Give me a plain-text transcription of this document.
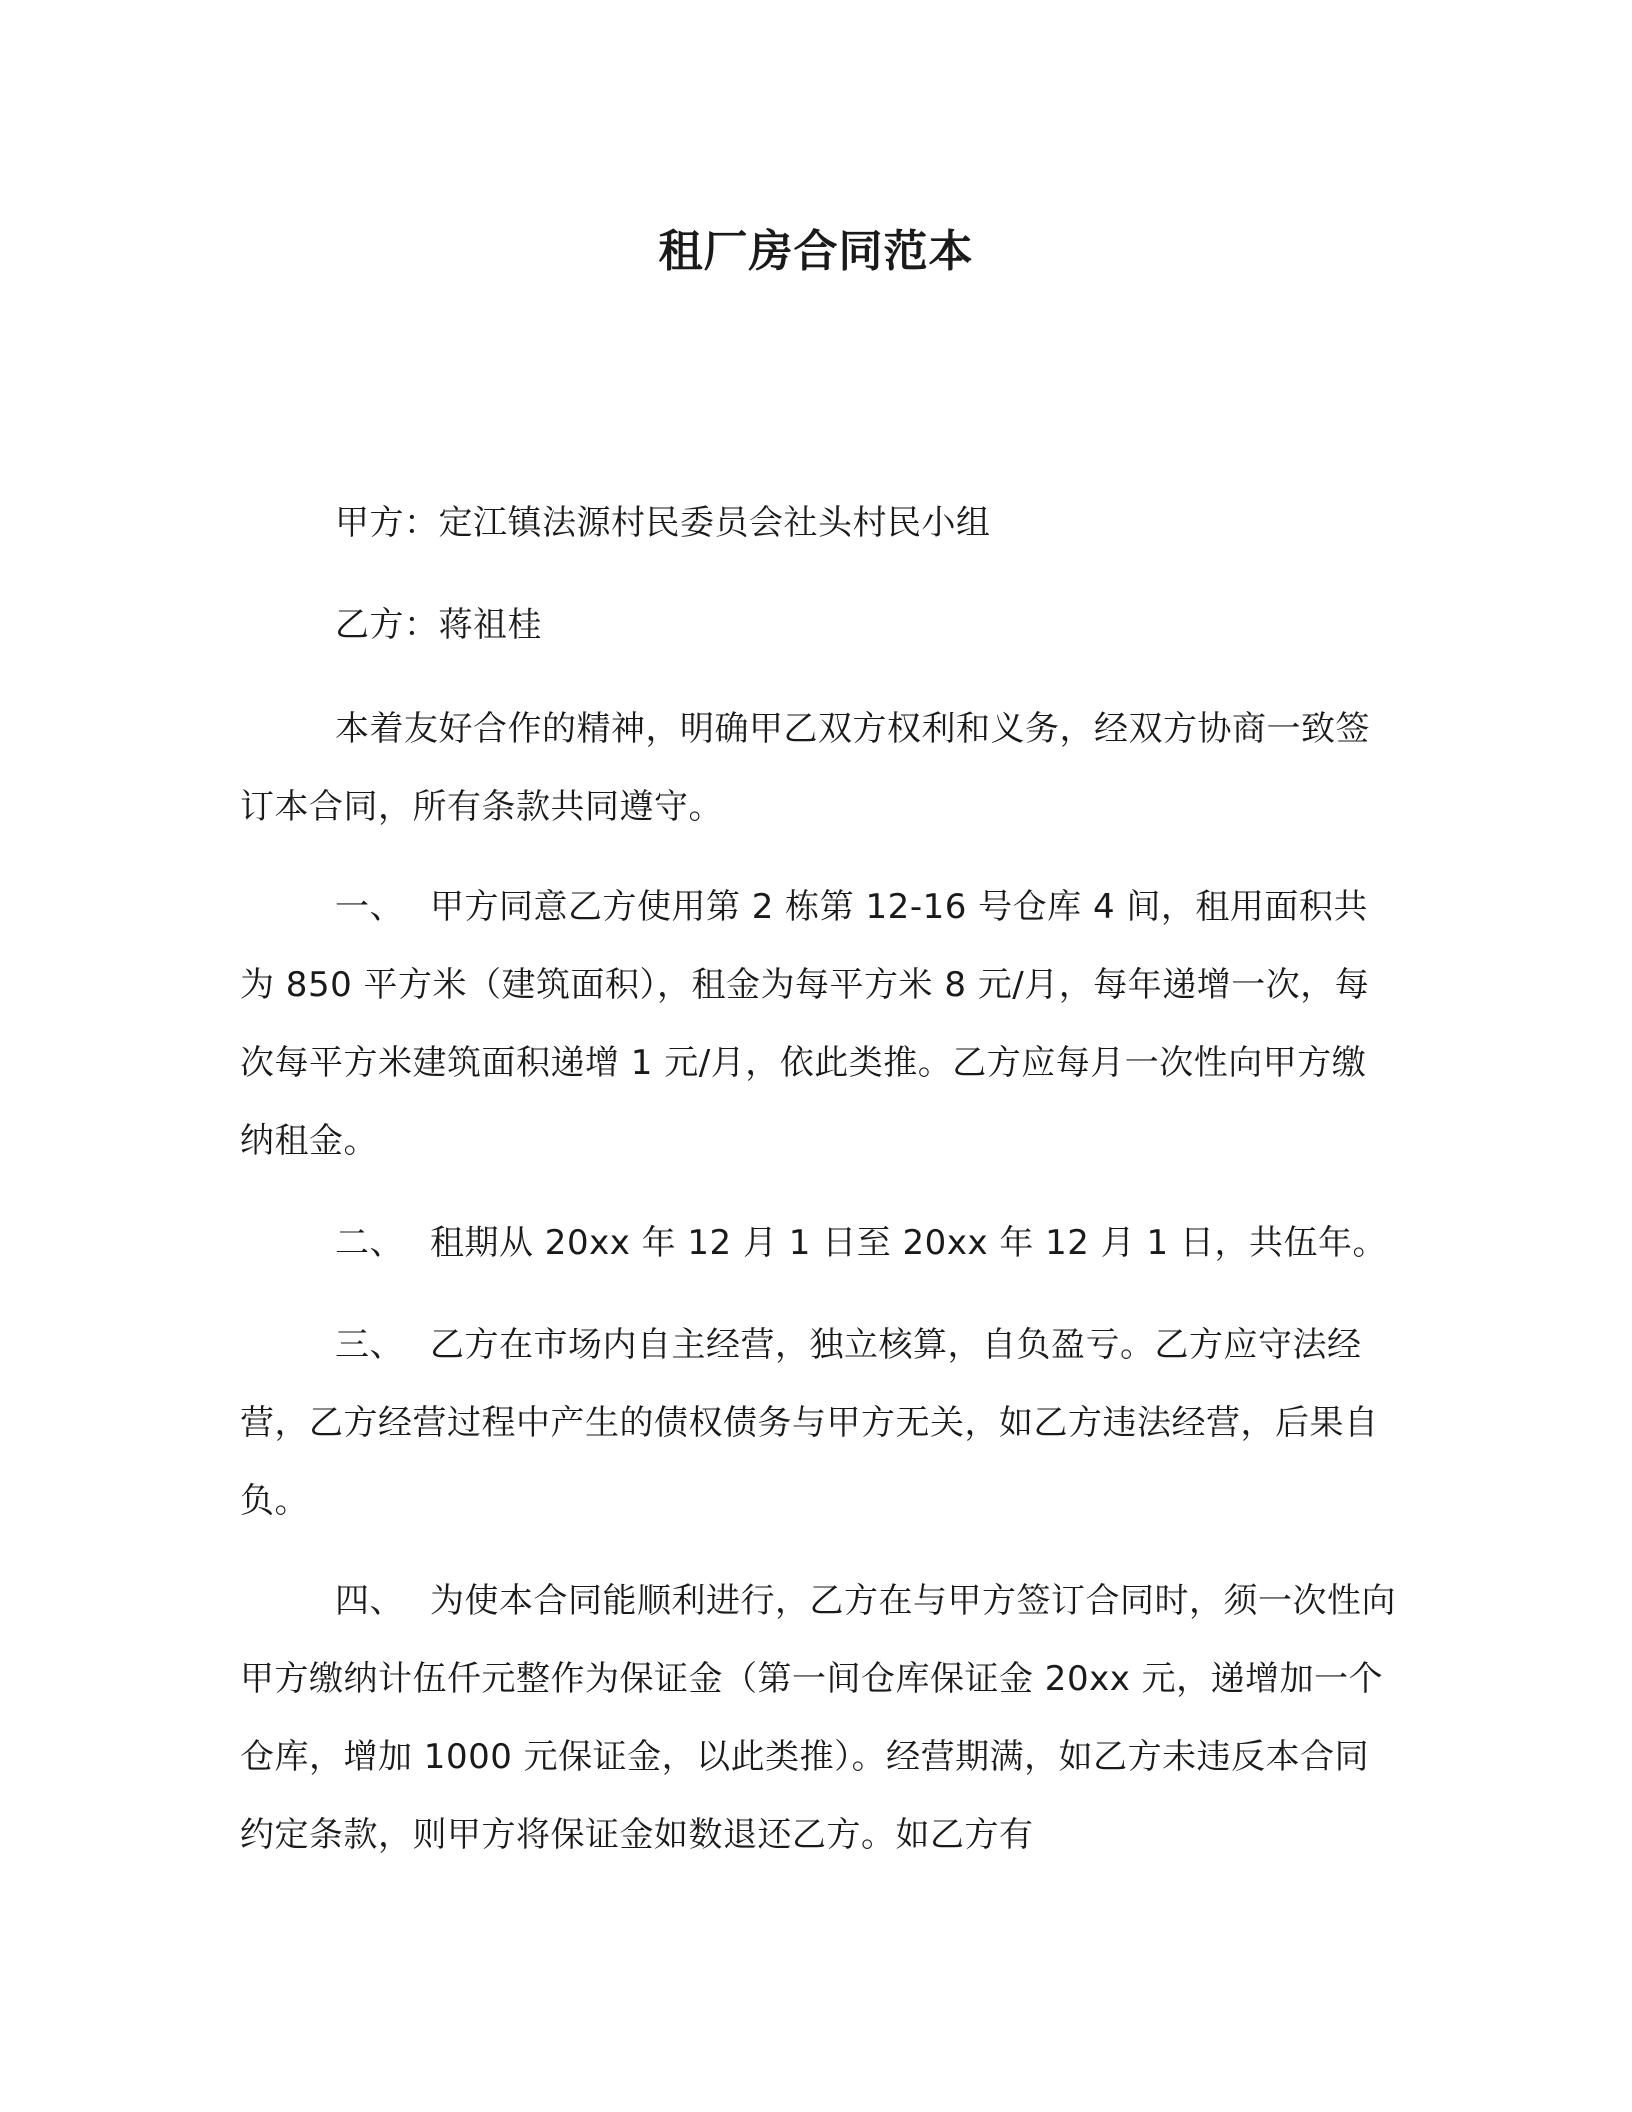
租厂房合同范本

甲方：定江镇法源村民委员会社头村民小组

乙方：蒋祖桂

本着友好合作的精神，明确甲乙双方权利和义务，经双方协商一致签订本合同，所有条款共同遵守。

一、 甲方同意乙方使用第 2 栋第 12-16 号仓库 4 间，租用面积共为 850 平方米（建筑面积），租金为每平方米 8 元/月，每年递增一次，每次每平方米建筑面积递增 1 元/月，依此类推。乙方应每月一次性向甲方缴纳租金。

二、 租期从 20xx 年 12 月 1 日至 20xx 年 12 月 1 日，共伍年。

三、 乙方在市场内自主经营，独立核算，自负盈亏。乙方应守法经营，乙方经营过程中产生的债权债务与甲方无关，如乙方违法经营，后果自负。

四、 为使本合同能顺利进行，乙方在与甲方签订合同时，须一次性向甲方缴纳计伍仟元整作为保证金（第一间仓库保证金 20xx 元，递增加一个仓库，增加 1000 元保证金，以此类推）。经营期满，如乙方未违反本合同约定条款，则甲方将保证金如数退还乙方。如乙方有
